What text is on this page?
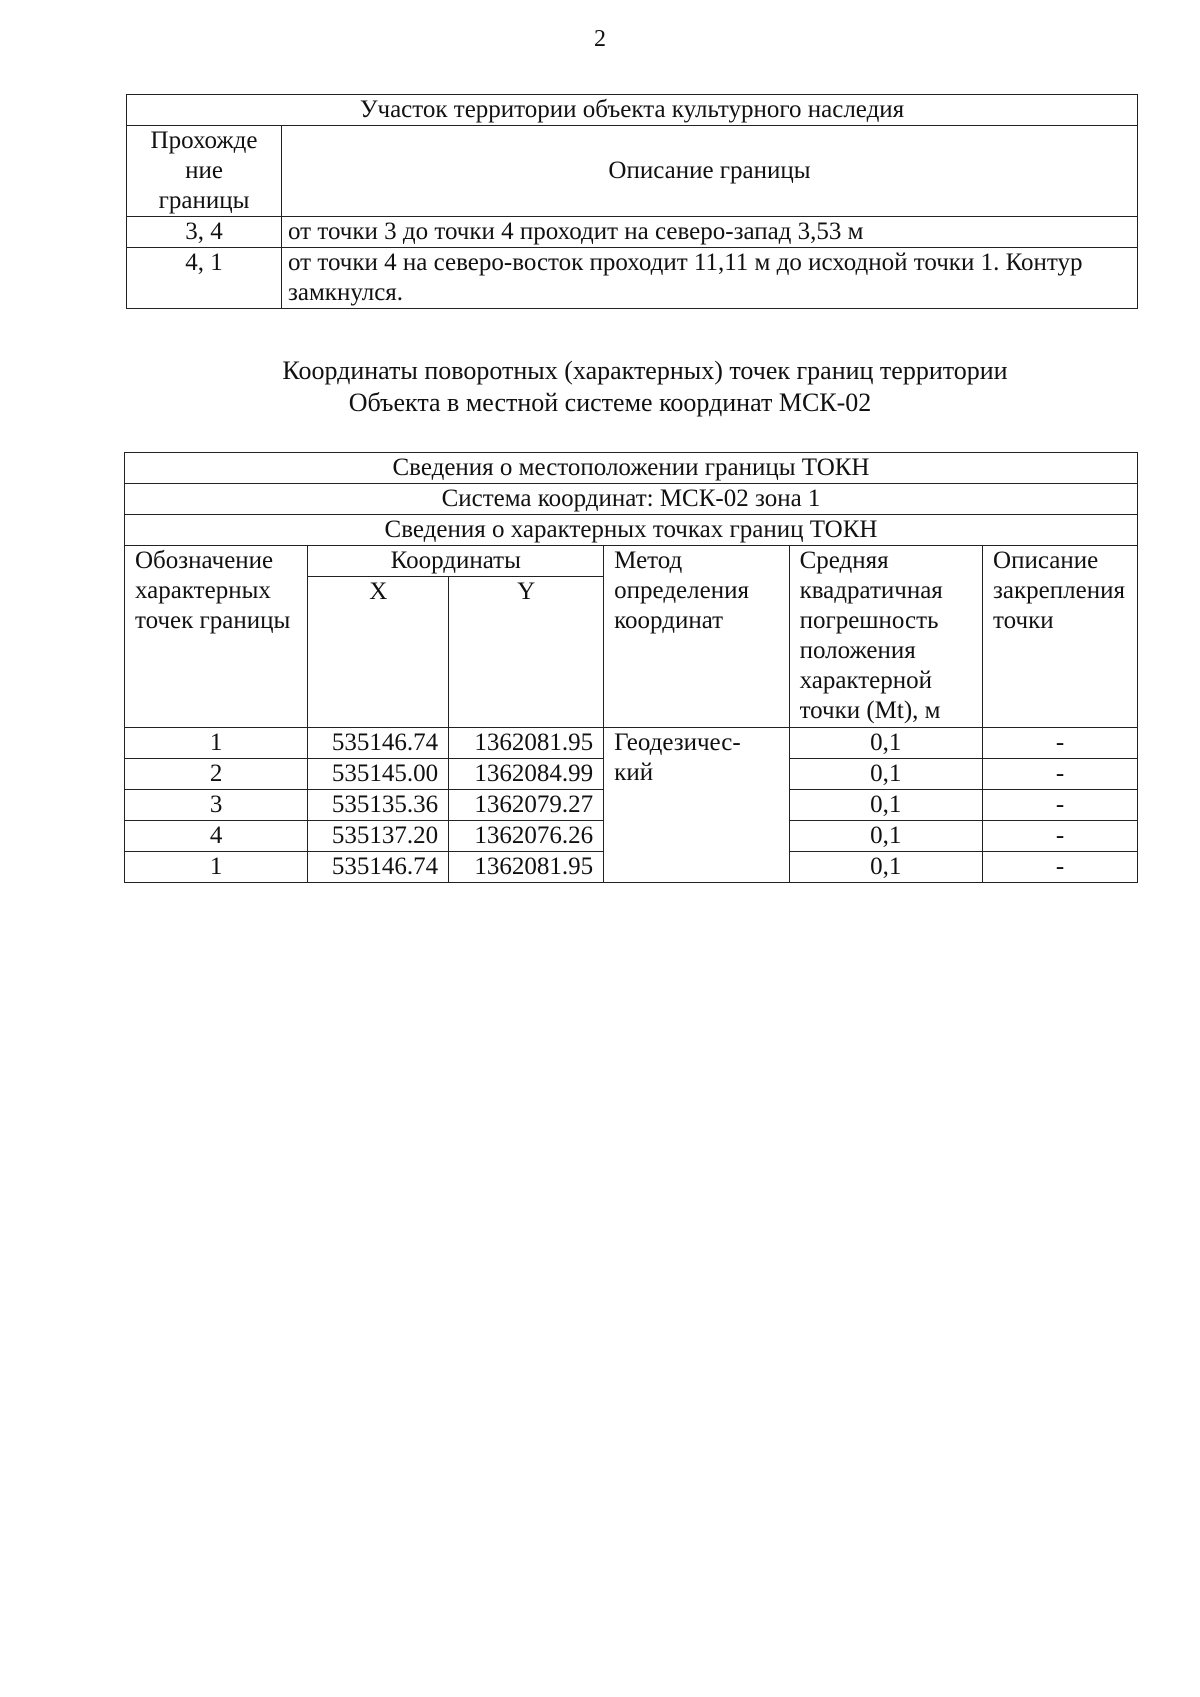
2
Участок территории объекта культурного наследия	

Прохожде
ние
границы	Описание границы
3, 4	от точки 3 до точки 4 проходит на северо-запад 3,53 м
4, 1	от точки 4 на северо-восток проходит 11,11 м до исходной точки 1. Контур замкнулся.
Координаты поворотных (характерных) точек границ территории
Объекта в местной системе координат МСК-02
Сведения о местоположении границы ТОКН					
Система координат: МСК-02 зона 1					
Сведения о характерных точках границ ТОКН					
Обозначение характерных точек границы	Координаты		Метод определения координат	Средняя квадратичная погрешность положения характерной точки (Mt), м	Описание закрепления точки
	X	Y			
1	535146.74	1362081.95	Геодезичес-кий	0,1	-
2	535145.00	1362084.99		0,1	-
3	535135.36	1362079.27		0,1	-
4	535137.20	1362076.26		0,1	-
1	535146.74	1362081.95		0,1	-
